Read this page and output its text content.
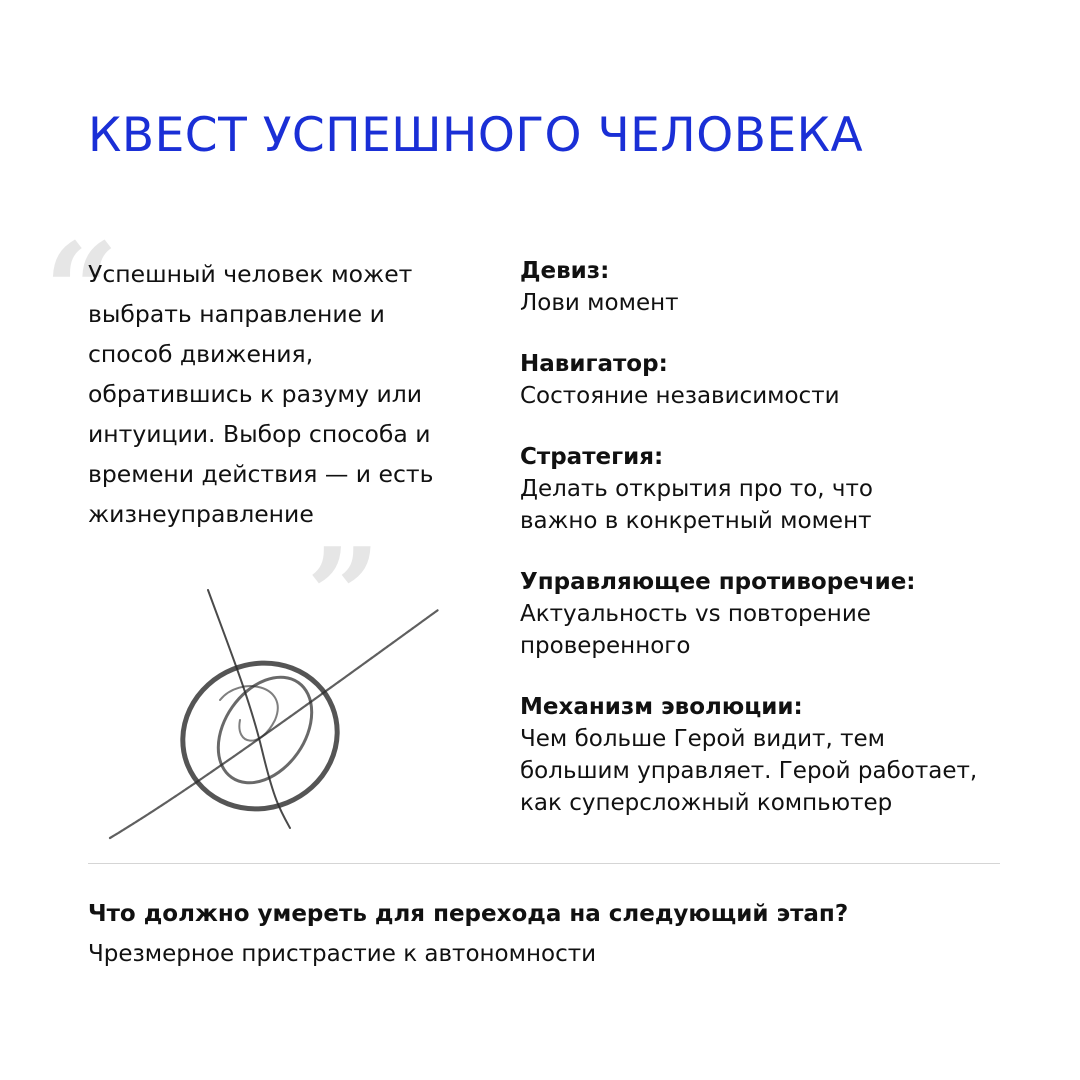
КВЕСТ УСПЕШНОГО ЧЕЛОВЕКА
“
”

Успешный человек может выбрать направление и способ движения, обратившись к разуму или интуиции. Выбор способа и времени действия — и есть жизнеуправление

Девиз:
Лови момент
Навигатор:
Состояние независимости
Стратегия:
Делать открытия про то, что
важно в конкретный момент
Управляющее противоречие:
Актуальность vs повторение
проверенного
Механизм эволюции:
Чем больше Герой видит, тем
большим управляет. Герой работает,
как суперсложный компьютер
Что должно умереть для перехода на следующий этап?
Чрезмерное пристрастие к автономности
